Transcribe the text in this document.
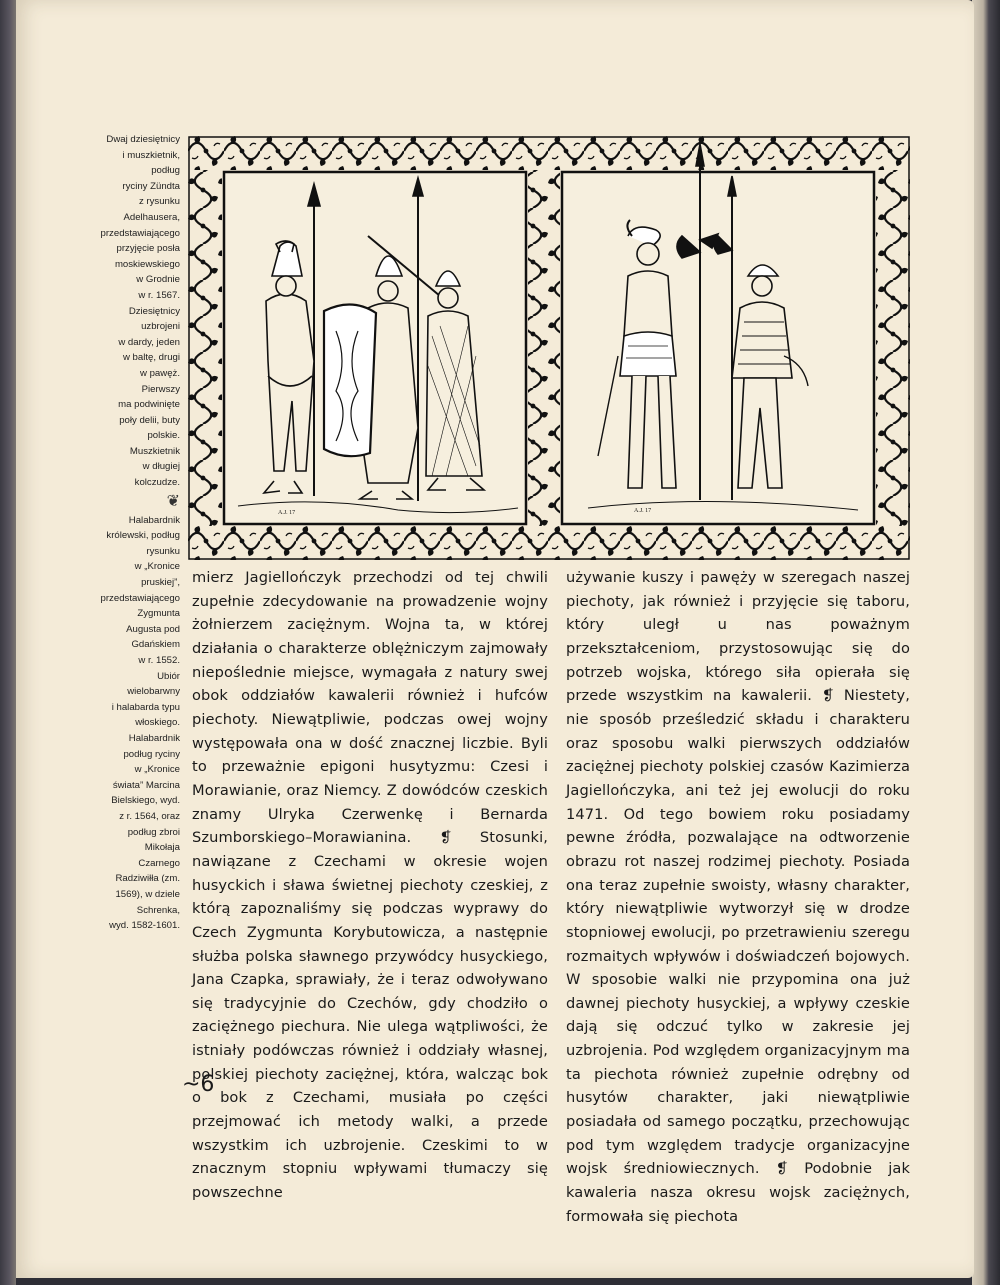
Dwaj dziesiętnicy

i muszkietnik,

podług

ryciny Zündta

z rysunku

Adelhausera,

przedstawiającego

przyjęcie posła

moskiewskiego

w Grodnie

w r. 1567.

Dziesiętnicy

uzbrojeni

w dardy, jeden

w baltę, drugi

w pawęż.

Pierwszy

ma podwinięte

poły delii, buty

polskie.

Muszkietnik

w długiej

kolczudze.

❦

Halabardnik

królewski, podług

rysunku

w „Kronice

pruskiej”,

przedstawiającego

Zygmunta

Augusta pod

Gdańskiem

w r. 1552.

Ubiór

wielobarwny

i halabarda typu

włoskiego.

Halabardnik

podług ryciny

w „Kronice

świata” Marcina

Bielskiego, wyd.

z r. 1564, oraz

podług zbroi

Mikołaja

Czarnego

Radziwiłła (zm.

1569), w dziele

Schrenka,

wyd. 1582-1601.

A.J. 17	A.J. 17

mierz Jagiellończyk przechodzi od tej chwili zupełnie zdecydowanie na prowadzenie wojny żołnierzem zaciężnym. Wojna ta, w której działania o charakterze oblężniczym zajmowały niepoślednie miejsce, wymagała z natury swej obok oddziałów kawalerii również i hufców piechoty. Niewątpliwie, podczas owej wojny występowała ona w dość znacznej liczbie. Byli to przeważnie epigoni husytyzmu: Czesi i Morawianie, oraz Niemcy. Z dowódców czeskich znamy Ulryka Czerwenkę i Bernarda Szumborskiego–Morawianina. ❡ Stosunki, nawiązane z Czechami w okresie wojen husyckich i sława świetnej piechoty czeskiej, z którą zapoznaliśmy się podczas wyprawy do Czech Zygmunta Korybutowicza, a następnie służba polska sławnego przywódcy husyckiego, Jana Czapka, sprawiały, że i teraz odwoływano się tradycyjnie do Czechów, gdy chodziło o zaciężnego piechura. Nie ulega wątpliwości, że istniały podówczas również i oddziały własnej, polskiej piechoty zaciężnej, która, walcząc bok o bok z Czechami, musiała po części przejmować ich metody walki, a przede wszystkim ich uzbrojenie. Czeskimi to w znacznym stopniu wpływami tłumaczy się powszechne

używanie kuszy i pawęży w szeregach naszej piechoty, jak również i przyjęcie się taboru, który uległ u nas poważnym przekształceniom, przystosowując się do potrzeb wojska, którego siła opierała się przede wszystkim na kawalerii. ❡ Niestety, nie sposób prześledzić składu i charakteru oraz sposobu walki pierwszych oddziałów zaciężnej piechoty polskiej czasów Kazimierza Jagiellończyka, ani też jej ewolucji do roku 1471. Od tego bowiem roku posiadamy pewne źródła, pozwalające na odtworzenie obrazu rot naszej rodzimej piechoty. Posiada ona teraz zupełnie swoisty, własny charakter, który niewątpliwie wytworzył się w drodze stopniowej ewolucji, po przetrawieniu szeregu rozmaitych wpływów i doświadczeń bojowych. W sposobie walki nie przypomina ona już dawnej piechoty husyckiej, a wpływy czeskie dają się odczuć tylko w zakresie jej uzbrojenia. Pod względem organizacyjnym ma ta piechota również zupełnie odrębny od husytów charakter, jaki niewątpliwie posiadała od samego początku, przechowując pod tym względem tradycje organizacyjne wojsk średniowiecznych. ❡ Podobnie jak kawaleria nasza okresu wojsk zaciężnych, formowała się piechota

~6
